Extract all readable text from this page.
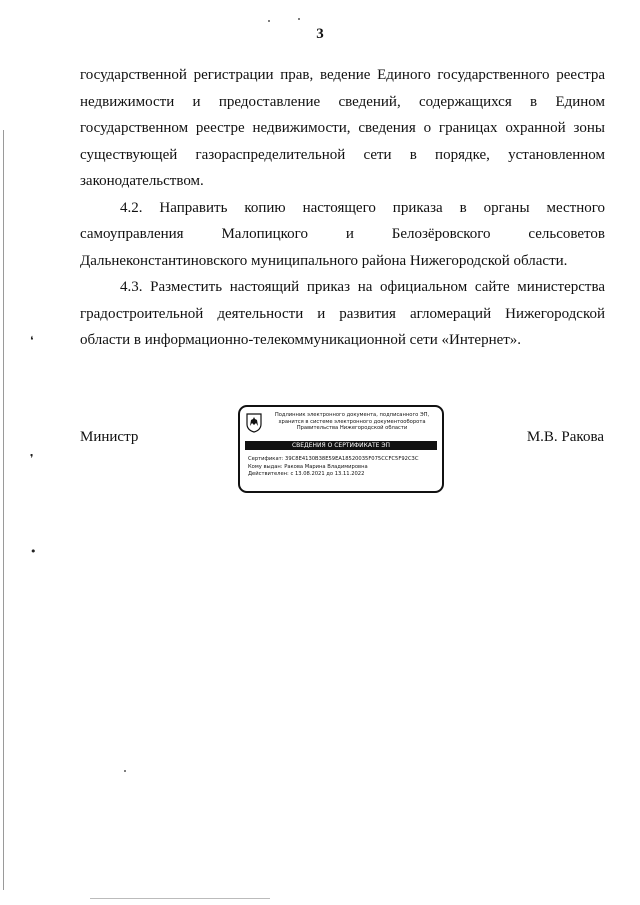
3

государственной регистрации прав, ведение Единого государственного реестра
недвижимости и предоставление сведений, содержащихся в Едином
государственном реестре недвижимости, сведения о границах охранной зоны
существующей газораспределительной сети в порядке, установленном
законодательством.

4.2. Направить копию настоящего приказа в органы местного
самоуправления Малопицкого и Белозёровского сельсоветов
Дальнеконстантиновского муниципального района Нижегородской области.

4.3. Разместить настоящий приказ на официальном сайте министерства
градостроительной деятельности и развития агломераций Нижегородской
области в информационно-телекоммуникационной сети «Интернет».

Министр
Подлинник электронного документа, подписанного ЭП,
хранится в системе электронного документооборота
Правительства Нижегородской области
СВЕДЕНИЯ О СЕРТИФИКАТЕ ЭП
Сертификат: 39C8E4130B38E59EA18520035F075CCFC5F92C3C
Кому выдан: Ракова Марина Владимировна
Действителен: с 13.08.2021 до 13.11.2022
М.В. Ракова
❛
❜
•
